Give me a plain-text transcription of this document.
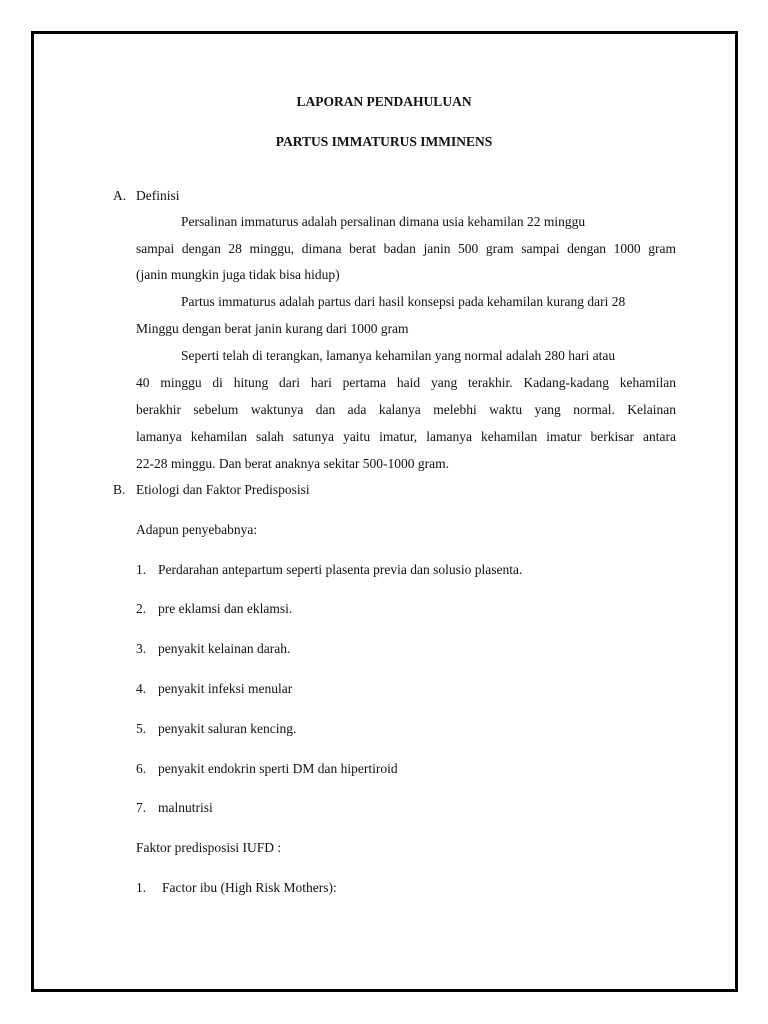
LAPORAN PENDAHULUAN
PARTUS IMMATURUS IMMINENS
A. Definisi
Persalinan immaturus adalah persalinan dimana usia kehamilan 22 minggu
sampai dengan 28 minggu, dimana berat badan janin 500 gram sampai dengan 1000 gram
(janin mungkin juga tidak bisa hidup)
Partus immaturus adalah partus dari hasil konsepsi pada kehamilan kurang dari 28
Minggu dengan berat janin kurang dari 1000 gram
Seperti telah di terangkan, lamanya kehamilan yang normal adalah 280 hari atau
40 minggu di hitung dari hari pertama haid yang terakhir. Kadang-kadang kehamilan
berakhir sebelum waktunya dan ada kalanya melebhi waktu yang normal. Kelainan
lamanya kehamilan salah satunya yaitu imatur, lamanya kehamilan imatur berkisar antara
22-28 minggu. Dan berat anaknya sekitar 500-1000 gram.
B. Etiologi dan Faktor Predisposisi
Adapun penyebabnya:
1. Perdarahan antepartum seperti plasenta previa dan solusio plasenta.
2. pre eklamsi dan eklamsi.
3. penyakit kelainan darah.
4. penyakit infeksi menular
5. penyakit saluran kencing.
6. penyakit endokrin sperti DM dan hipertiroid
7. malnutrisi
Faktor predisposisi IUFD :
1. Factor ibu (High Risk Mothers):
